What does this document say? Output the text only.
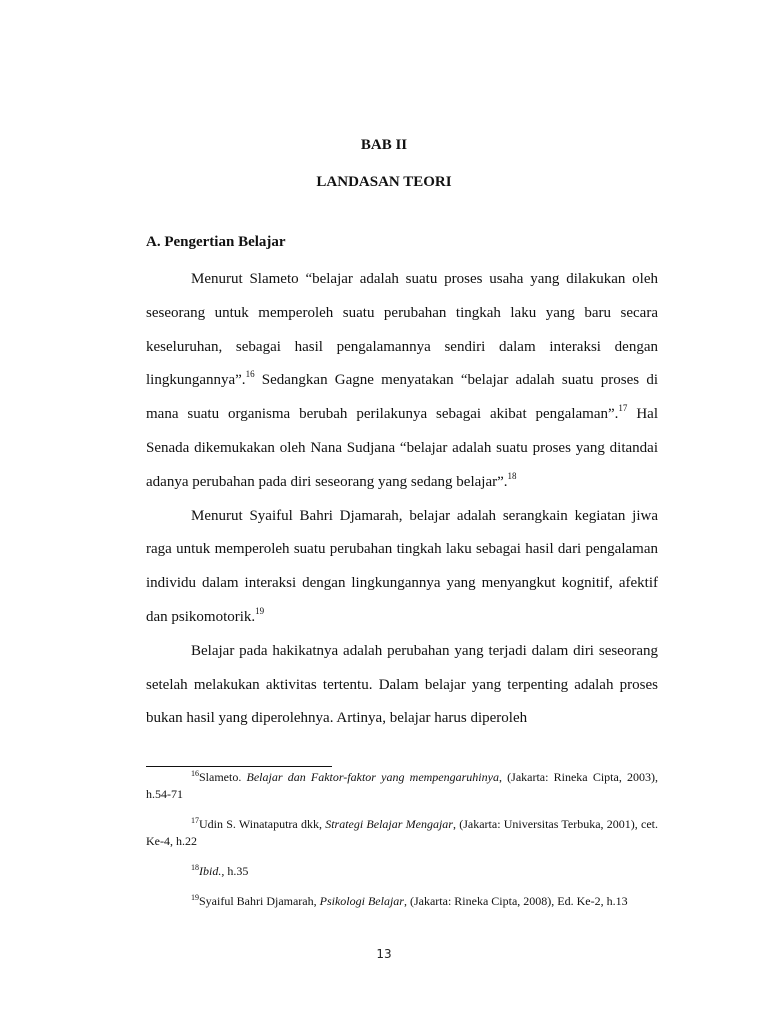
BAB II
LANDASAN TEORI
A. Pengertian Belajar

Menurut Slameto “belajar adalah suatu proses usaha yang dilakukan oleh seseorang untuk memperoleh suatu perubahan tingkah laku yang baru secara keseluruhan, sebagai hasil pengalamannya sendiri dalam interaksi dengan lingkungannya”.$^{16}$ Sedangkan Gagne menyatakan “belajar adalah suatu proses di mana suatu organisma berubah perilakunya sebagai akibat pengalaman”.$^{17}$ Hal Senada dikemukakan oleh Nana Sudjana “belajar adalah suatu proses yang ditandai adanya perubahan pada diri seseorang yang sedang belajar”.$^{18}$

Menurut Syaiful Bahri Djamarah, belajar adalah serangkain kegiatan jiwa raga untuk memperoleh suatu perubahan tingkah laku sebagai hasil dari pengalaman individu dalam interaksi dengan lingkungannya yang menyangkut kognitif, afektif dan psikomotorik.$^{19}$

Belajar pada hakikatnya adalah perubahan yang terjadi dalam diri seseorang setelah melakukan aktivitas tertentu. Dalam belajar yang terpenting adalah proses bukan hasil yang diperolehnya. Artinya, belajar harus diperoleh

$^{16}$Slameto. Belajar dan Faktor-faktor yang mempengaruhinya, (Jakarta: Rineka Cipta, 2003), h.54-71

$^{17}$Udin S. Winataputra dkk, Strategi Belajar Mengajar, (Jakarta: Universitas Terbuka, 2001), cet. Ke-4, h.22

$^{18}$Ibid., h.35

$^{19}$Syaiful Bahri Djamarah, Psikologi Belajar, (Jakarta: Rineka Cipta, 2008), Ed. Ke-2, h.13

13
